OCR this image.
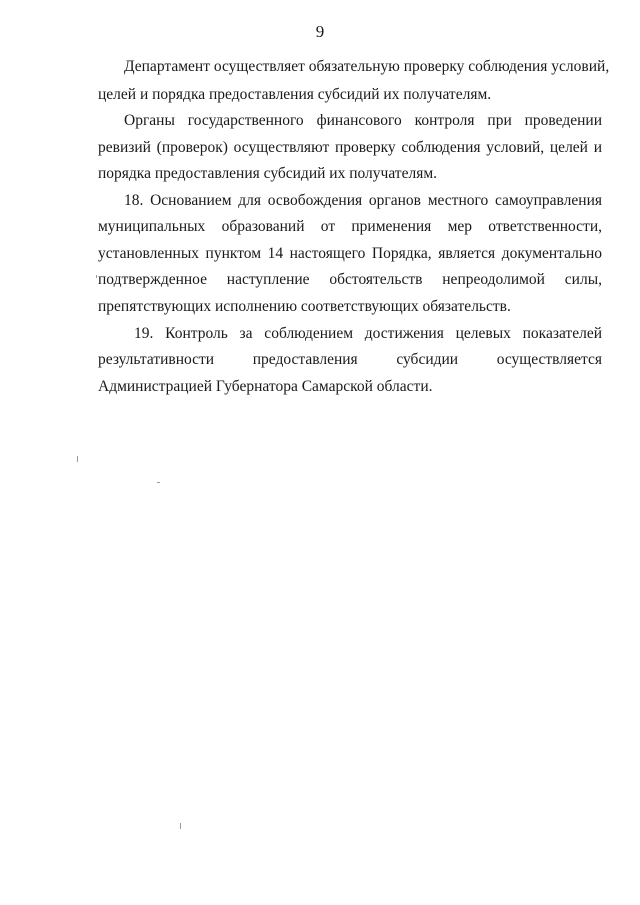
9
Департамент осуществляет обязательную проверку соблюдения условий,
целей и порядка предоставления субсидий их получателям.
Органы государственного финансового контроля при проведении
ревизий (проверок) осуществляют проверку соблюдения условий, целей и
порядка предоставления субсидий их получателям.
18. Основанием для освобождения органов местного самоуправления
муниципальных образований от применения мер ответственности,
установленных пунктом 14 настоящего Порядка, является документально
подтвержденное наступление обстоятельств непреодолимой силы,
препятствующих исполнению соответствующих обязательств.
19. Контроль за соблюдением достижения целевых показателей
результативности предоставления субсидии осуществляется
Администрацией Губернатора Самарской области.
